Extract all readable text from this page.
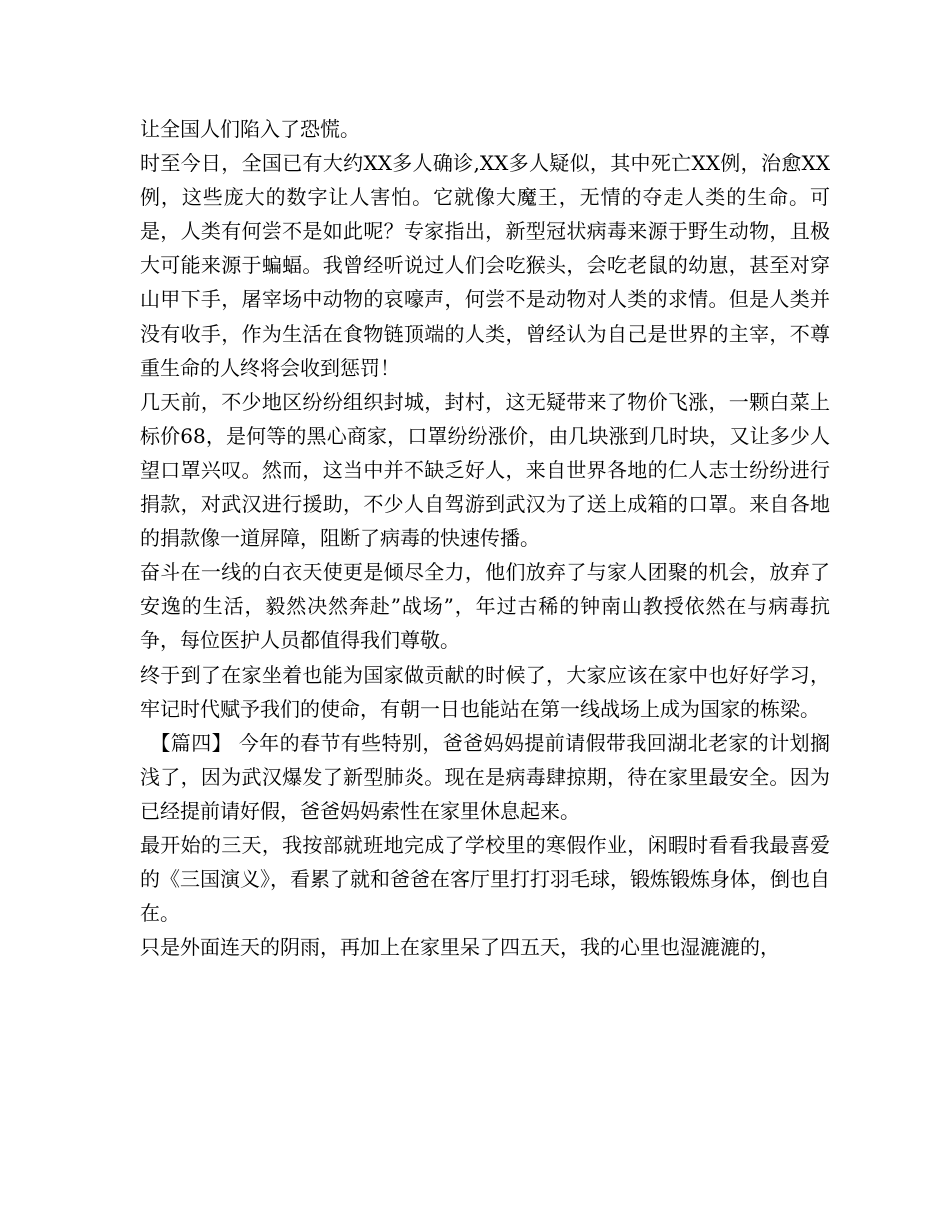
让全国人们陷入了恐慌。

时至今日，全国已有大约XX多人确诊,XX多人疑似，其中死亡XX例，治愈XX例，这些庞大的数字让人害怕。它就像大魔王，无情的夺走人类的生命。可是，人类有何尝不是如此呢？专家指出，新型冠状病毒来源于野生动物，且极大可能来源于蝙蝠。我曾经听说过人们会吃猴头，会吃老鼠的幼崽，甚至对穿山甲下手，屠宰场中动物的哀嚎声，何尝不是动物对人类的求情。但是人类并没有收手，作为生活在食物链顶端的人类，曾经认为自己是世界的主宰，不尊重生命的人终将会收到惩罚！

几天前，不少地区纷纷组织封城，封村，这无疑带来了物价飞涨，一颗白菜上标价68，是何等的黑心商家，口罩纷纷涨价，由几块涨到几时块，又让多少人望口罩兴叹。然而，这当中并不缺乏好人，来自世界各地的仁人志士纷纷进行捐款，对武汉进行援助，不少人自驾游到武汉为了送上成箱的口罩。来自各地的捐款像一道屏障，阻断了病毒的快速传播。

奋斗在一线的白衣天使更是倾尽全力，他们放弃了与家人团聚的机会，放弃了安逸的生活，毅然决然奔赴”战场”，年过古稀的钟南山教授依然在与病毒抗争，每位医护人员都值得我们尊敬。

终于到了在家坐着也能为国家做贡献的时候了，大家应该在家中也好好学习，牢记时代赋予我们的使命，有朝一日也能站在第一线战场上成为国家的栋梁。

　【篇四】 今年的春节有些特别，爸爸妈妈提前请假带我回湖北老家的计划搁浅了，因为武汉爆发了新型肺炎。现在是病毒肆掠期，待在家里最安全。因为已经提前请好假，爸爸妈妈索性在家里休息起来。

最开始的三天，我按部就班地完成了学校里的寒假作业，闲暇时看看我最喜爱的《三国演义》，看累了就和爸爸在客厅里打打羽毛球，锻炼锻炼身体，倒也自在。

只是外面连天的阴雨，再加上在家里呆了四五天，我的心里也湿漉漉的，
